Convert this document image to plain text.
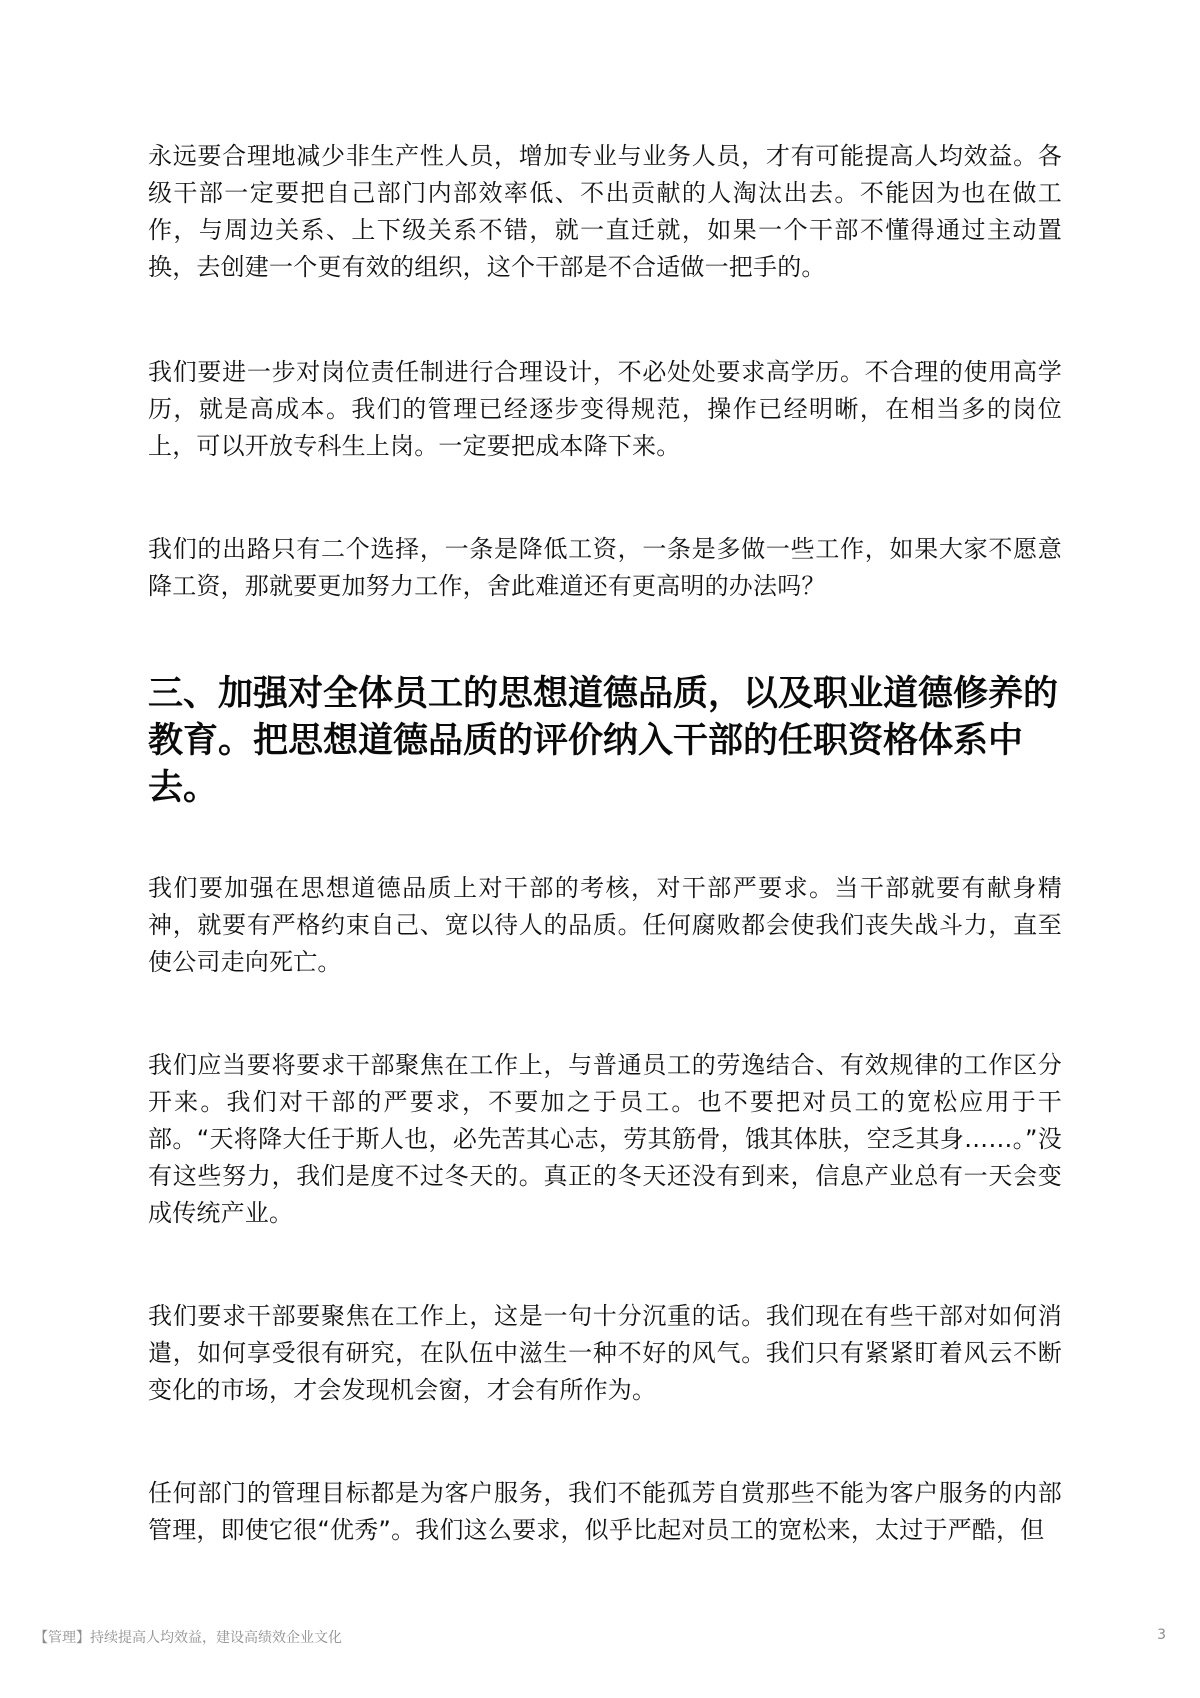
永远要合理地减少非生产性人员，增加专业与业务人员，才有可能提高人均效益。各级干部一定要把自己部门内部效率低、不出贡献的人淘汰出去。不能因为也在做工作，与周边关系、上下级关系不错，就一直迁就，如果一个干部不懂得通过主动置换，去创建一个更有效的组织，这个干部是不合适做一把手的。

我们要进一步对岗位责任制进行合理设计，不必处处要求高学历。不合理的使用高学历，就是高成本。我们的管理已经逐步变得规范，操作已经明晰，在相当多的岗位上，可以开放专科生上岗。一定要把成本降下来。

我们的出路只有二个选择，一条是降低工资，一条是多做一些工作，如果大家不愿意降工资，那就要更加努力工作，舍此难道还有更高明的办法吗？

三、加强对全体员工的思想道德品质，以及职业道德修养的教育。把思想道德品质的评价纳入干部的任职资格体系中去。

我们要加强在思想道德品质上对干部的考核，对干部严要求。当干部就要有献身精神，就要有严格约束自己、宽以待人的品质。任何腐败都会使我们丧失战斗力，直至使公司走向死亡。

我们应当要将要求干部聚焦在工作上，与普通员工的劳逸结合、有效规律的工作区分开来。我们对干部的严要求，不要加之于员工。也不要把对员工的宽松应用于干部。“天将降大任于斯人也，必先苦其心志，劳其筋骨，饿其体肤，空乏其身……。”没有这些努力，我们是度不过冬天的。真正的冬天还没有到来，信息产业总有一天会变成传统产业。

我们要求干部要聚焦在工作上，这是一句十分沉重的话。我们现在有些干部对如何消遣，如何享受很有研究，在队伍中滋生一种不好的风气。我们只有紧紧盯着风云不断变化的市场，才会发现机会窗，才会有所作为。

任何部门的管理目标都是为客户服务，我们不能孤芳自赏那些不能为客户服务的内部管理，即使它很“优秀”。我们这么要求，似乎比起对员工的宽松来，太过于严酷，但

【管理】持续提高人均效益，建设高绩效企业文化	3
